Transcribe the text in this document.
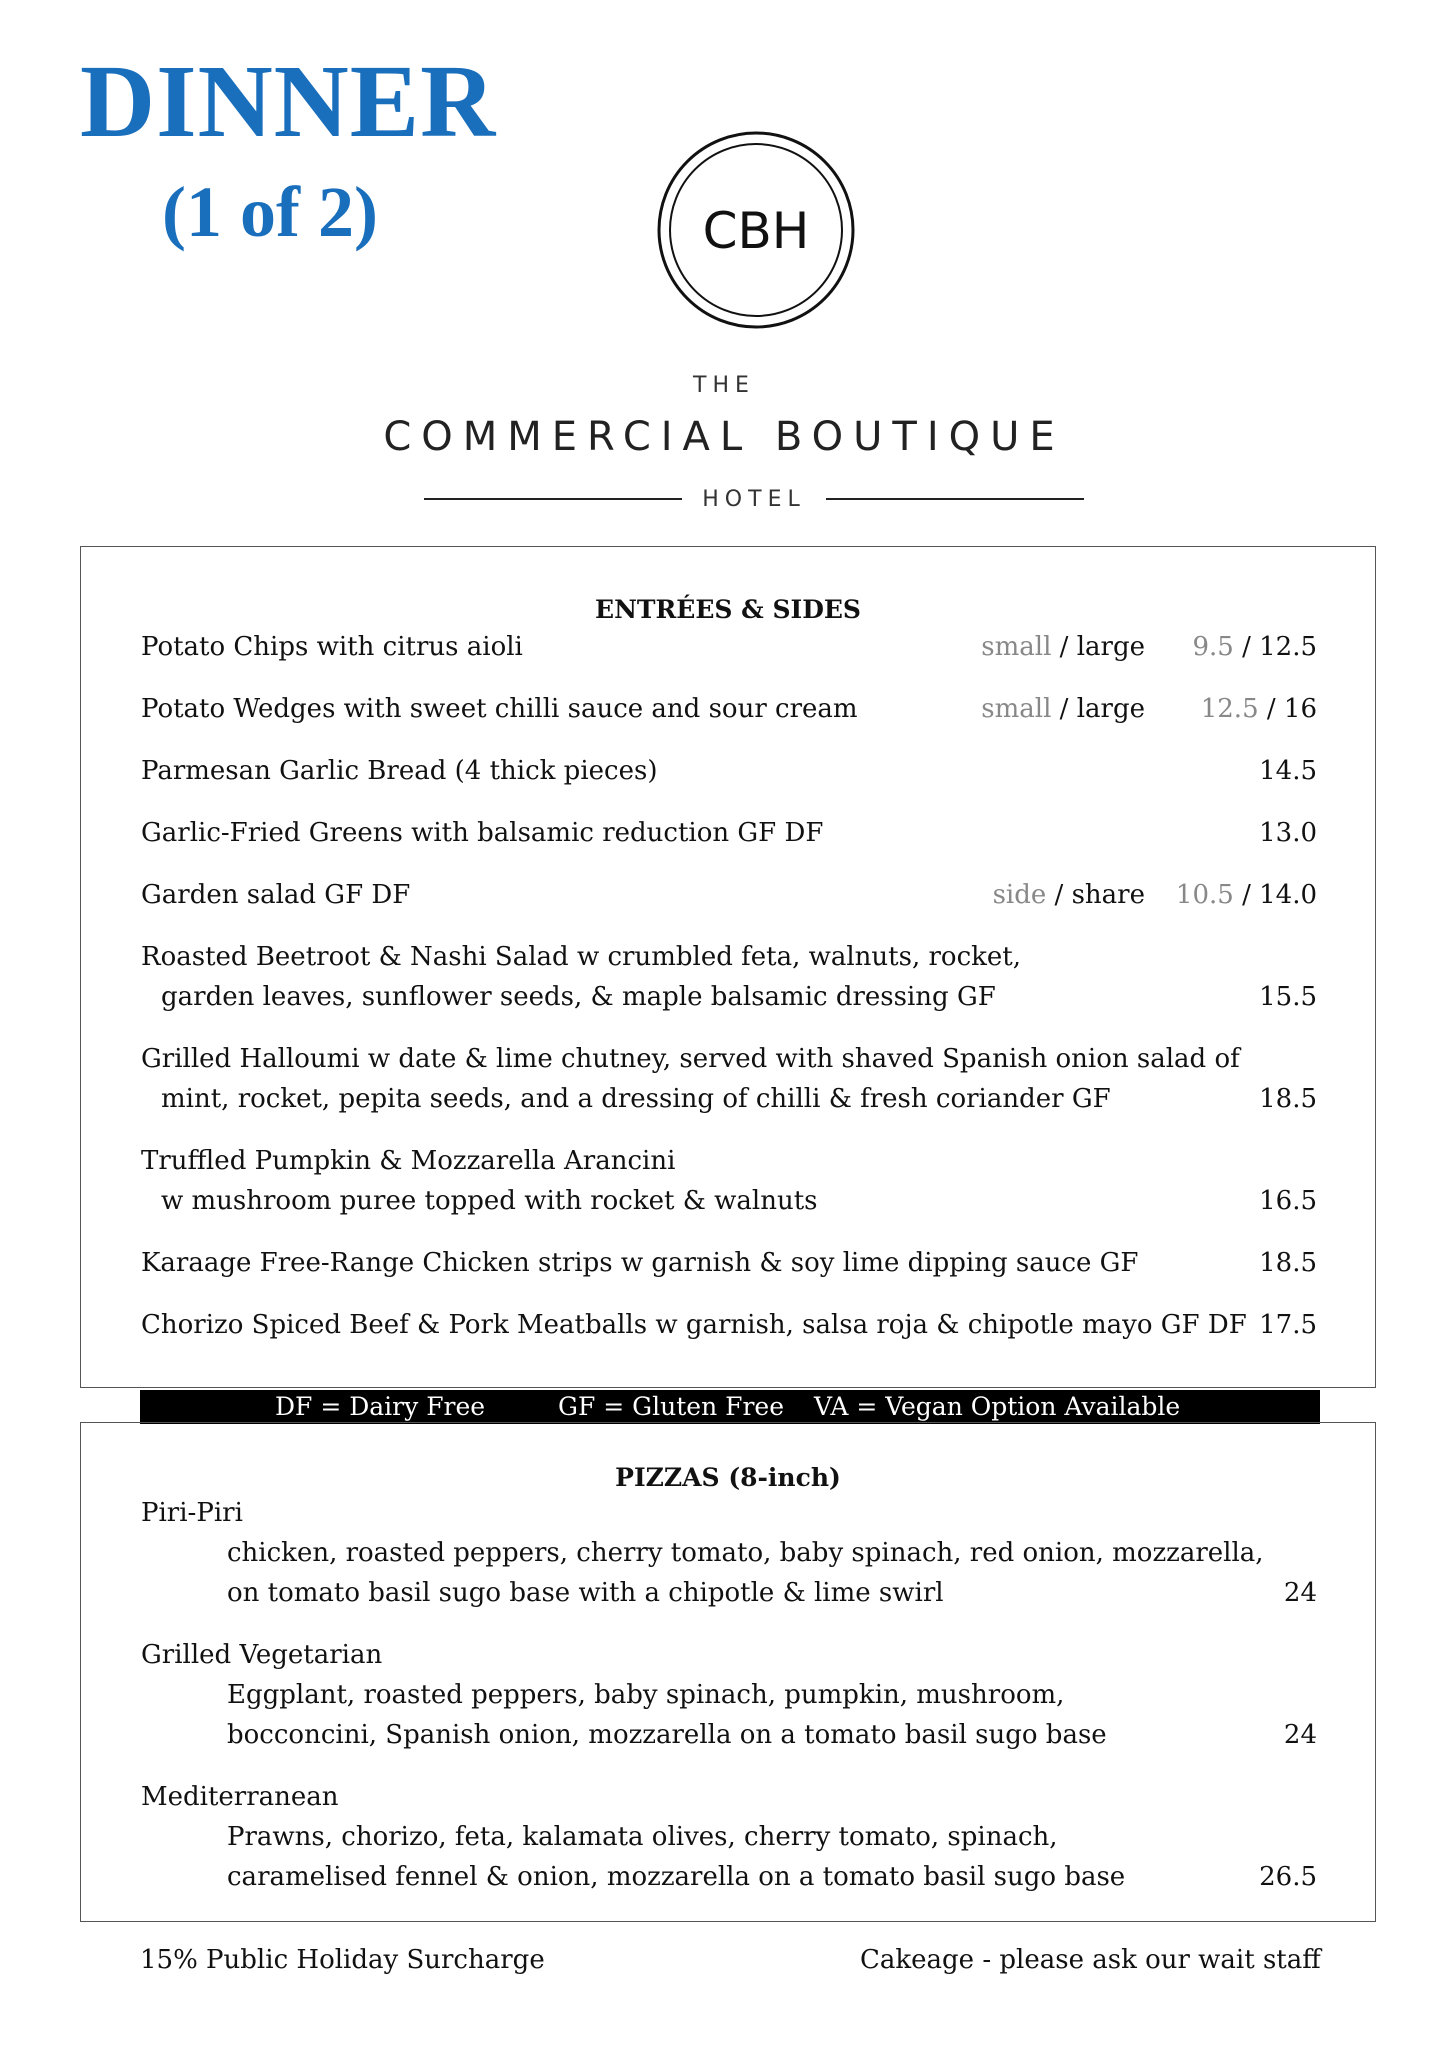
DINNER
(1 of 2)	CBH
THE
COMMERCIAL BOUTIQUE
HOTEL
ENTRÉES & SIDES
Potato Chips with citrus aioli	small / large 9.5 / 12.5
Potato Wedges with sweet chilli sauce and sour cream	small / large 12.5 / 16
Parmesan Garlic Bread (4 thick pieces)	14.5
Garlic-Fried Greens with balsamic reduction GF DF	13.0
Garden salad GF DF	side / share 10.5 / 14.0
Roasted Beetroot & Nashi Salad w crumbled feta, walnuts, rocket,
garden leaves, sunflower seeds, & maple balsamic dressing GF	15.5
Grilled Halloumi w date & lime chutney, served with shaved Spanish onion salad of
mint, rocket, pepita seeds, and a dressing of chilli & fresh coriander GF	18.5
Truffled Pumpkin & Mozzarella Arancini
w mushroom puree topped with rocket & walnuts	16.5
Karaage Free-Range Chicken strips w garnish & soy lime dipping sauce GF	18.5
Chorizo Spiced Beef & Pork Meatballs w garnish, salsa roja & chipotle mayo GF DF 17.5
DF = Dairy Free	GF = Gluten Free VA = Vegan Option Available
PIZZAS (8-inch)
Piri-Piri
chicken, roasted peppers, cherry tomato, baby spinach, red onion, mozzarella,
on tomato basil sugo base with a chipotle & lime swirl	24
Grilled Vegetarian
Eggplant, roasted peppers, baby spinach, pumpkin, mushroom,
bocconcini, Spanish onion, mozzarella on a tomato basil sugo base	24
Mediterranean
Prawns, chorizo, feta, kalamata olives, cherry tomato, spinach,
caramelised fennel & onion, mozzarella on a tomato basil sugo base	26.5
15% Public Holiday Surcharge	Cakeage - please ask our wait staff
